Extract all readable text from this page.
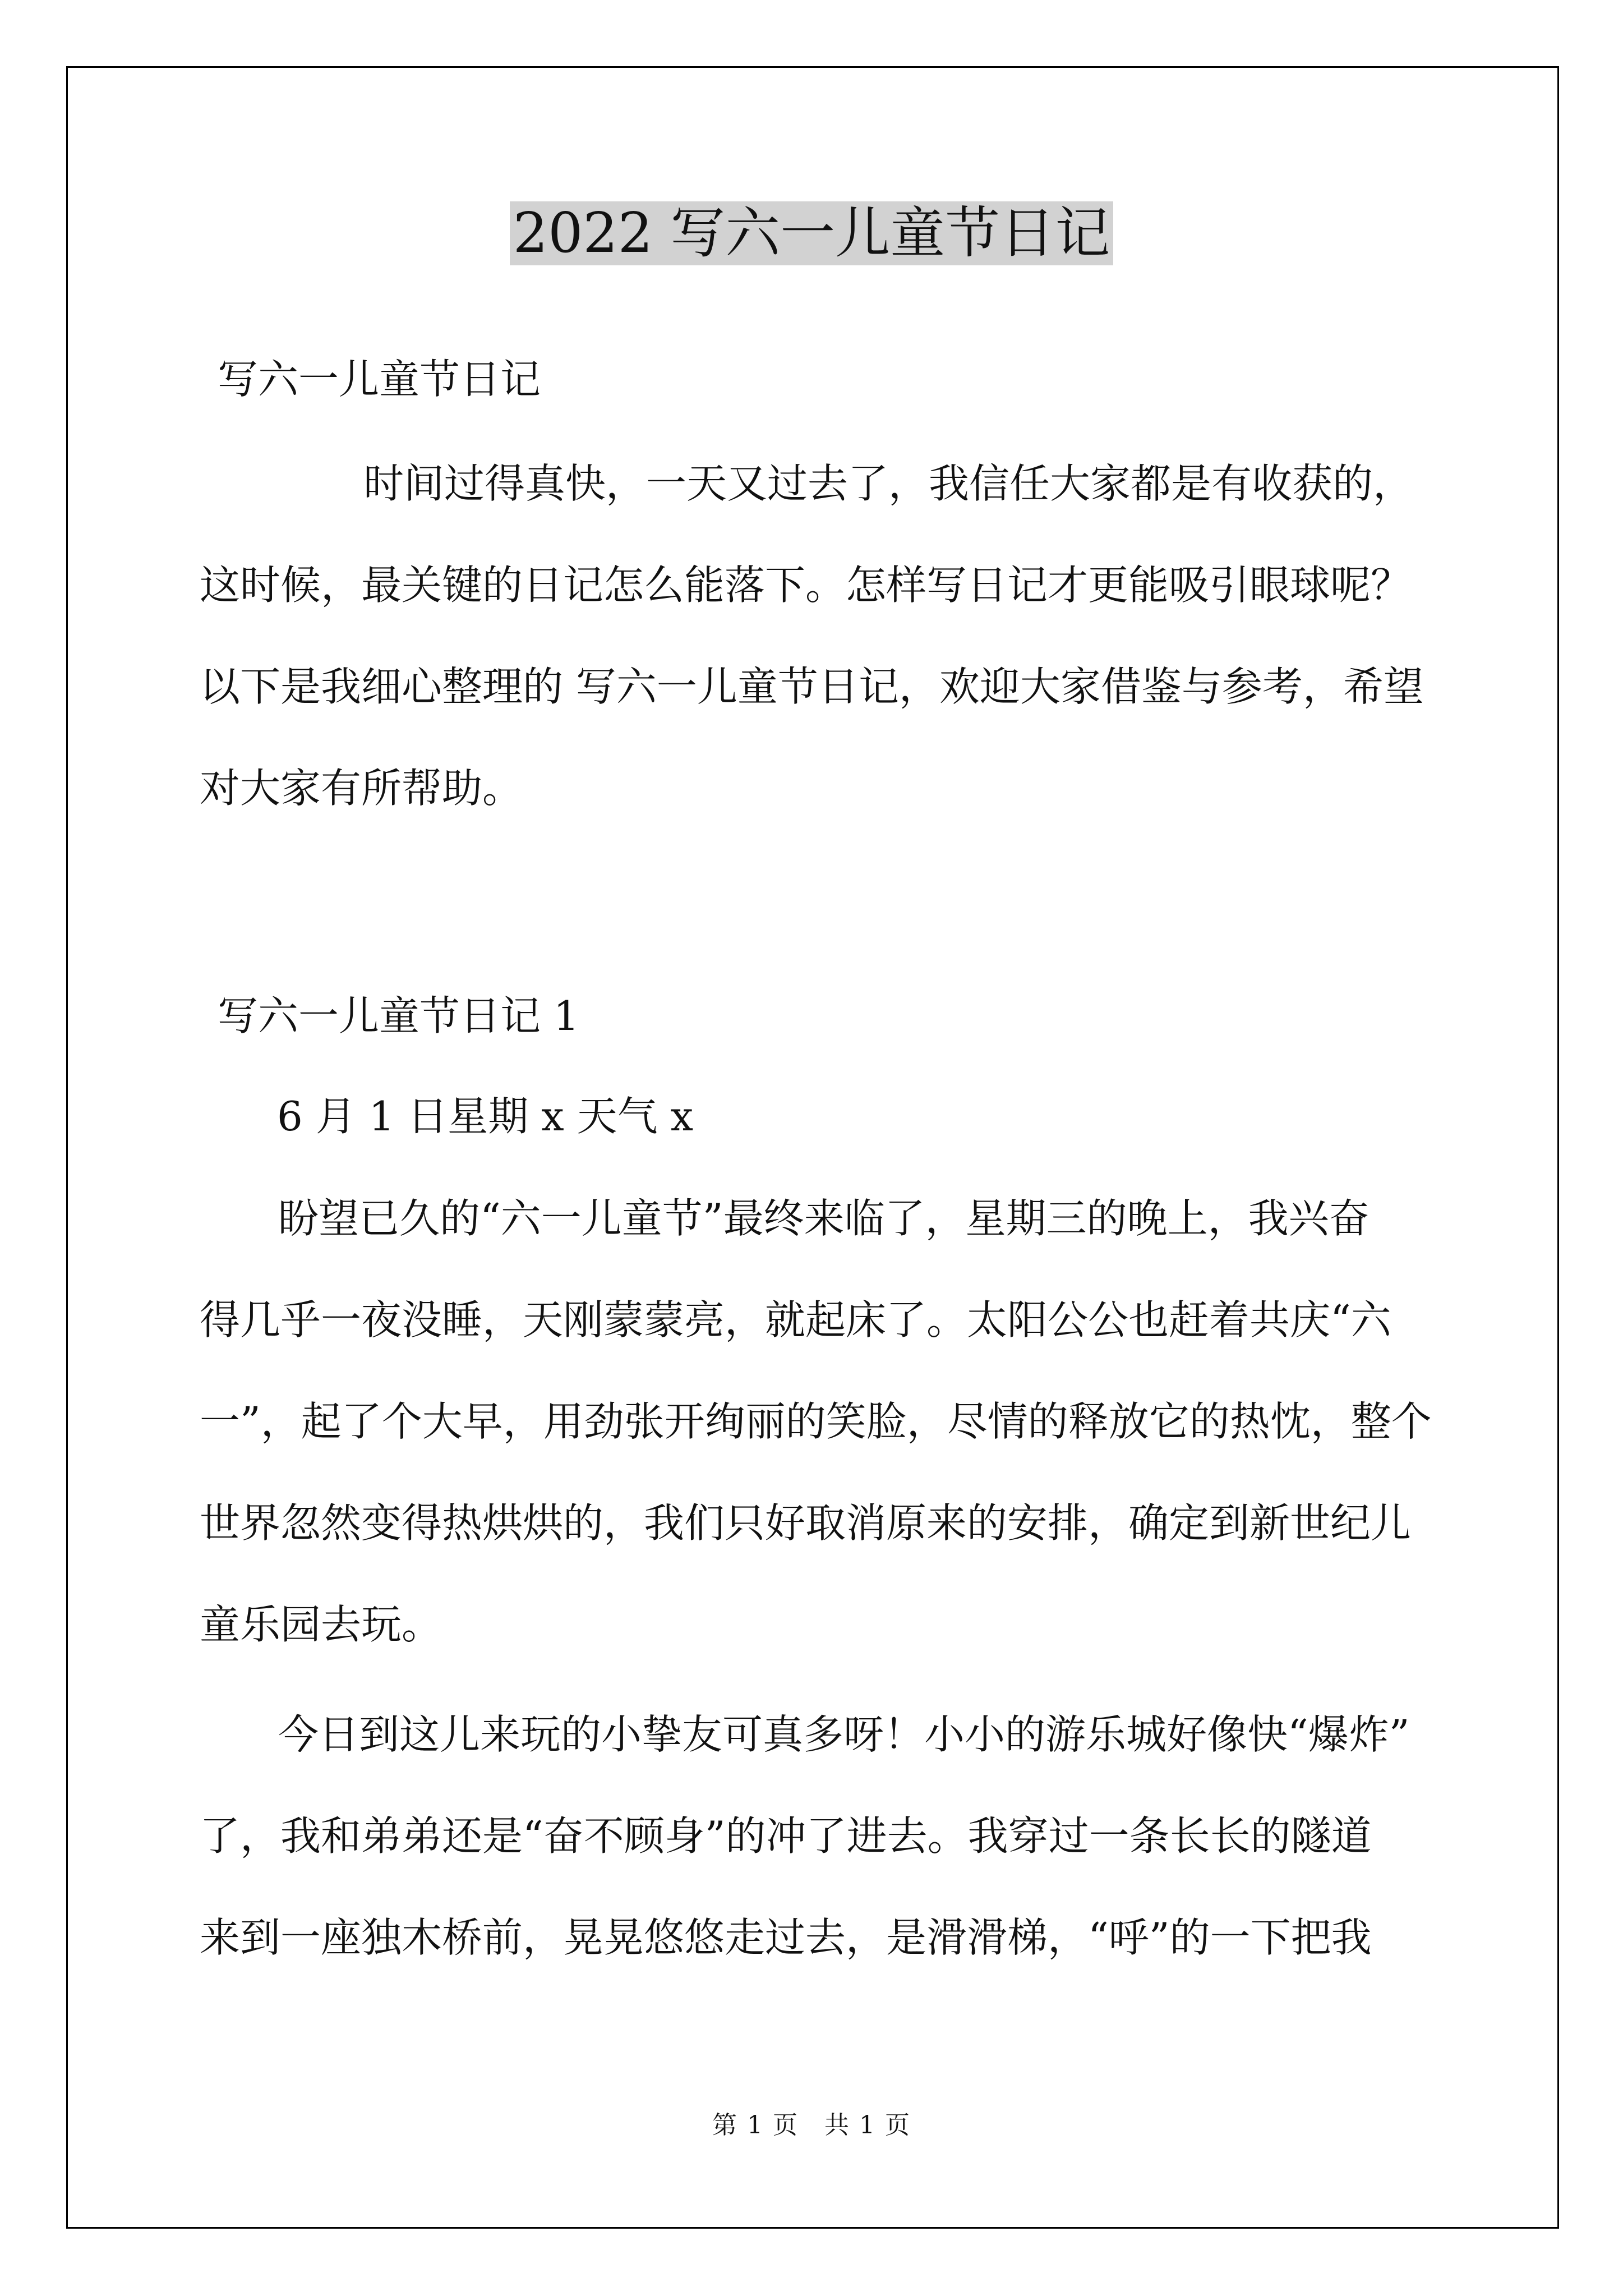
2022 写六一儿童节日记
写六一儿童节日记
时间过得真快，一天又过去了，我信任大家都是有收获的，
这时候，最关键的日记怎么能落下。怎样写日记才更能吸引眼球呢？
以下是我细心整理的 写六一儿童节日记，欢迎大家借鉴与参考，希望
对大家有所帮助。
写六一儿童节日记 1
6 月 1 日星期 x 天气 x
盼望已久的“六一儿童节”最终来临了，星期三的晚上，我兴奋
得几乎一夜没睡，天刚蒙蒙亮，就起床了。太阳公公也赶着共庆“六
一”，起了个大早，用劲张开绚丽的笑脸，尽情的释放它的热忱，整个
世界忽然变得热烘烘的，我们只好取消原来的安排，确定到新世纪儿
童乐园去玩。
今日到这儿来玩的小挚友可真多呀！小小的游乐城好像快“爆炸”
了，我和弟弟还是“奋不顾身”的冲了进去。我穿过一条长长的隧道
来到一座独木桥前，晃晃悠悠走过去，是滑滑梯，“呼”的一下把我
第 1 页　共 1 页
